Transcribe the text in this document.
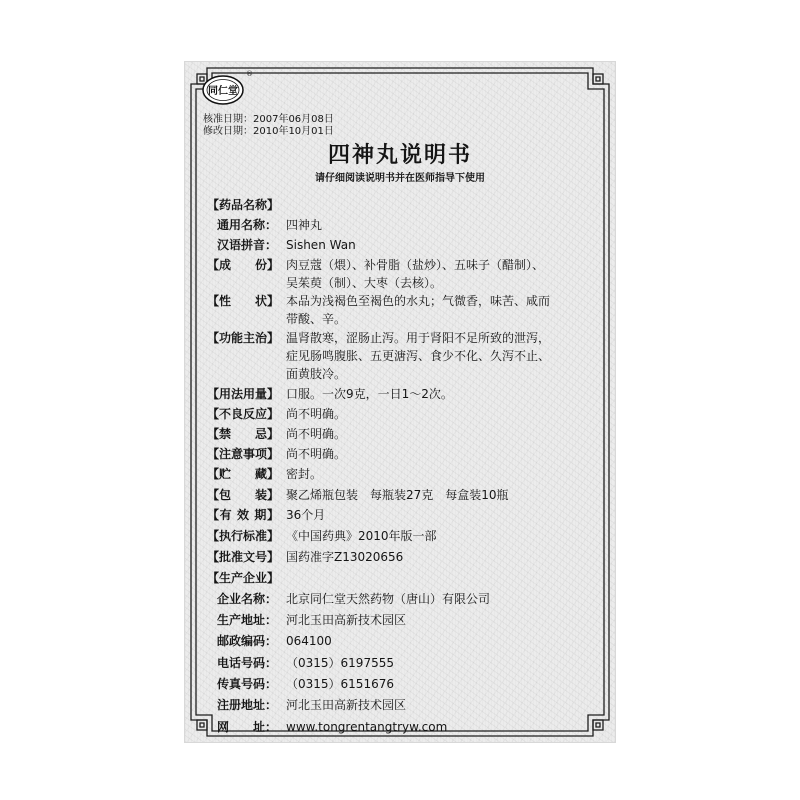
同仁堂
®
核准日期：2007年06月08日
修改日期：2010年10月01日
四神丸说明书
请仔细阅读说明书并在医师指导下使用
【药品名称】
通用名称： 四神丸
汉语拼音： Sishen Wan
【成　　份】 肉豆蔻（煨）、补骨脂（盐炒）、五味子（醋制）、
吴茱萸（制）、大枣（去核）。
【性　　状】 本品为浅褐色至褐色的水丸；气微香，味苦、咸而
带酸、辛。
【功能主治】 温肾散寒，涩肠止泻。用于肾阳不足所致的泄泻，
症见肠鸣腹胀、五更溏泻、食少不化、久泻不止、
面黄肢冷。
【用法用量】 口服。一次9克，一日1～2次。
【不良反应】 尚不明确。
【禁　　忌】 尚不明确。
【注意事项】 尚不明确。
【贮　　藏】 密封。
【包　　装】 聚乙烯瓶包装　每瓶装27克　每盒装10瓶
【有 效 期】 36个月
【执行标准】 《中国药典》2010年版一部
【批准文号】 国药准字Z13020656
【生产企业】
企业名称： 北京同仁堂天然药物（唐山）有限公司
生产地址： 河北玉田高新技术园区
邮政编码： 064100
电话号码： （0315）6197555
传真号码： （0315）6151676
注册地址： 河北玉田高新技术园区
网　　址： www.tongrentangtryw.com
